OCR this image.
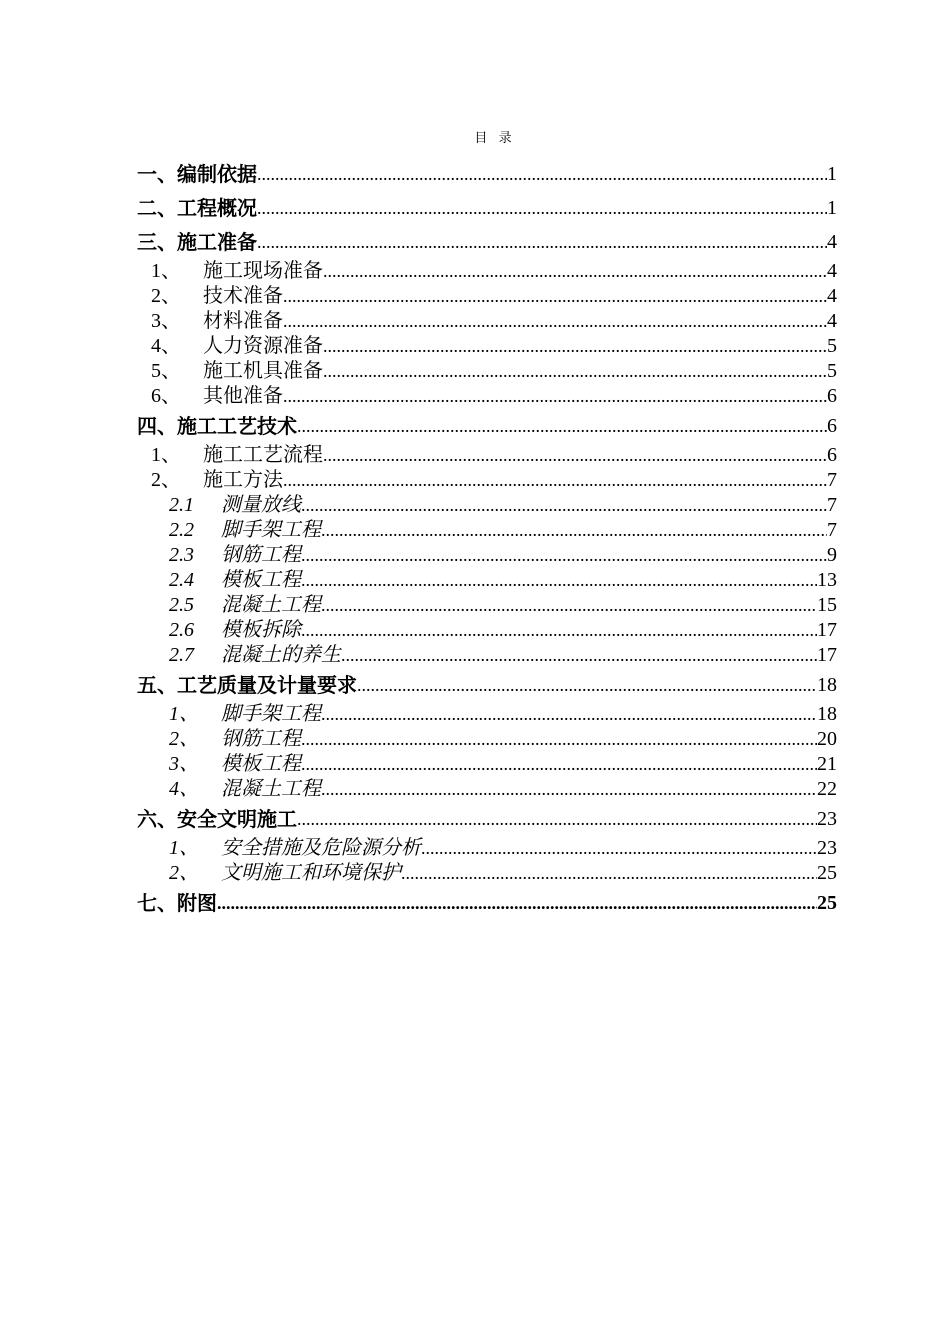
目 录
一、编制依据 .....	1
二、工程概况 .....	1
三、施工准备 .....	4
1、	施工现场准备 .....	4
2、	技术准备 .....	4
3、	材料准备 .....	4
4、	人力资源准备 .....	5
5、	施工机具准备 .....	5
6、	其他准备 .....	6
四、施工工艺技术 .....	6
1、	施工工艺流程 .....	6
2、	施工方法 .....	7
2.1	测量放线 .....	7
2.2	脚手架工程 .....	7
2.3	钢筋工程 .....	9
2.4	模板工程 .....	13
2.5	混凝土工程 .....	15
2.6	模板拆除 .....	17
2.7	混凝土的养生 .....	17
五、工艺质量及计量要求 .....	18
1、	脚手架工程 .....	18
2、	钢筋工程 .....	20
3、	模板工程 .....	21
4、	混凝土工程 .....	22
六、安全文明施工 .....	23
1、	安全措施及危险源分析 .....	23
2、	文明施工和环境保护 .....	25
七、附图 .....	25
